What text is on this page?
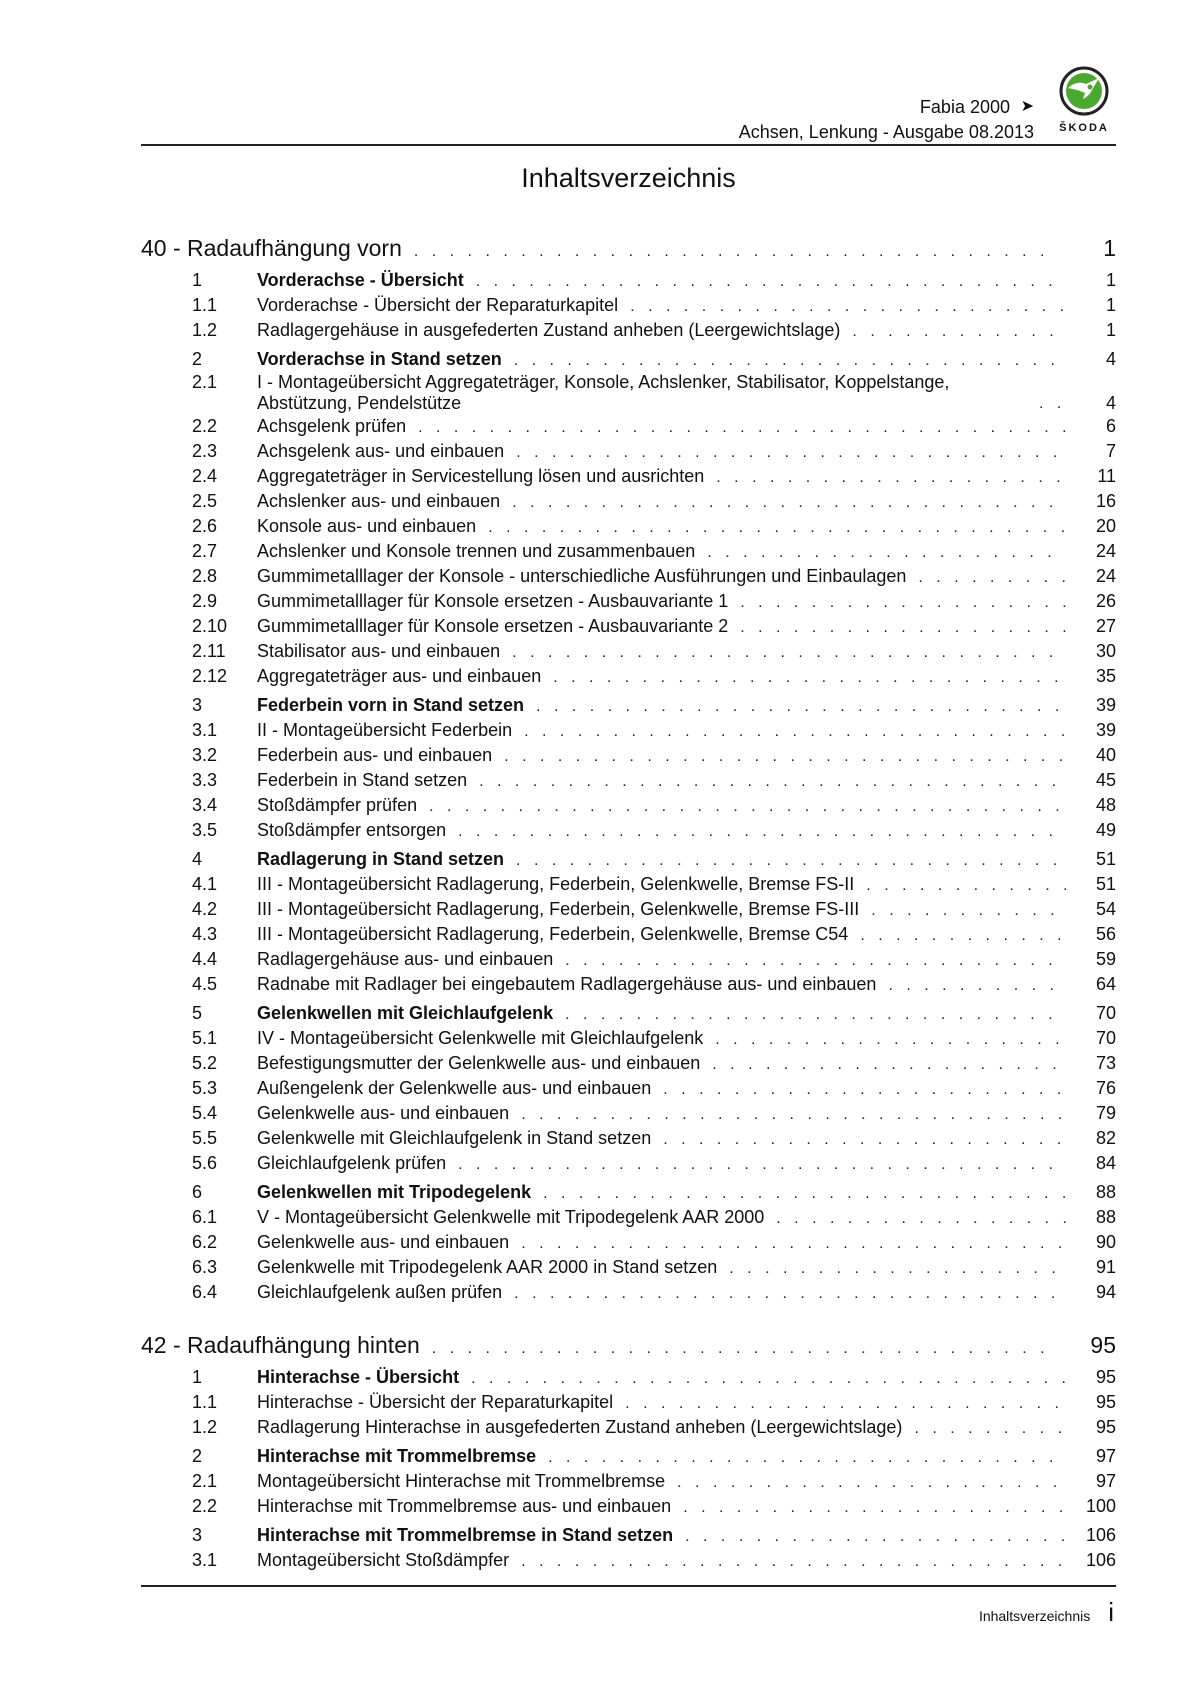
Fabia 2000 ➤
Achsen, Lenkung - Ausgabe 08.2013	ŠKODA
Inhaltsverzeichnis
40 - Radaufhängung vorn . . .	1
1	Vorderachse - Übersicht . . .	1
1.1	Vorderachse - Übersicht der Reparaturkapitel . . .	1
1.2	Radlagergehäuse in ausgefederten Zustand anheben (Leergewichtslage) . . .	1
2	Vorderachse in Stand setzen . . .	4
2.1	I - Montageübersicht Aggregateträger, Konsole, Achslenker, Stabilisator, Koppelstange, Abstützung, Pendelstütze . . .	4
2.2	Achsgelenk prüfen . . .	6
2.3	Achsgelenk aus- und einbauen . . .	7
2.4	Aggregateträger in Servicestellung lösen und ausrichten . . .	11
2.5	Achslenker aus- und einbauen . . .	16
2.6	Konsole aus- und einbauen . . .	20
2.7	Achslenker und Konsole trennen und zusammenbauen . . .	24
2.8	Gummimetalllager der Konsole - unterschiedliche Ausführungen und Einbaulagen . . .	24
2.9	Gummimetalllager für Konsole ersetzen - Ausbauvariante 1 . . .	26
2.10	Gummimetalllager für Konsole ersetzen - Ausbauvariante 2 . . .	27
2.11	Stabilisator aus- und einbauen . . .	30
2.12	Aggregateträger aus- und einbauen . . .	35
3	Federbein vorn in Stand setzen . . .	39
3.1	II - Montageübersicht Federbein . . .	39
3.2	Federbein aus- und einbauen . . .	40
3.3	Federbein in Stand setzen . . .	45
3.4	Stoßdämpfer prüfen . . .	48
3.5	Stoßdämpfer entsorgen . . .	49
4	Radlagerung in Stand setzen . . .	51
4.1	III - Montageübersicht Radlagerung, Federbein, Gelenkwelle, Bremse FS-II . . .	51
4.2	III - Montageübersicht Radlagerung, Federbein, Gelenkwelle, Bremse FS-III . . .	54
4.3	III - Montageübersicht Radlagerung, Federbein, Gelenkwelle, Bremse C54 . . .	56
4.4	Radlagergehäuse aus- und einbauen . . .	59
4.5	Radnabe mit Radlager bei eingebautem Radlagergehäuse aus- und einbauen . . .	64
5	Gelenkwellen mit Gleichlaufgelenk . . .	70
5.1	IV - Montageübersicht Gelenkwelle mit Gleichlaufgelenk . . .	70
5.2	Befestigungsmutter der Gelenkwelle aus- und einbauen . . .	73
5.3	Außengelenk der Gelenkwelle aus- und einbauen . . .	76
5.4	Gelenkwelle aus- und einbauen . . .	79
5.5	Gelenkwelle mit Gleichlaufgelenk in Stand setzen . . .	82
5.6	Gleichlaufgelenk prüfen . . .	84
6	Gelenkwellen mit Tripodegelenk . . .	88
6.1	V - Montageübersicht Gelenkwelle mit Tripodegelenk AAR 2000 . . .	88
6.2	Gelenkwelle aus- und einbauen . . .	90
6.3	Gelenkwelle mit Tripodegelenk AAR 2000 in Stand setzen . . .	91
6.4	Gleichlaufgelenk außen prüfen . . .	94
42 - Radaufhängung hinten . . .	95
1	Hinterachse - Übersicht . . .	95
1.1	Hinterachse - Übersicht der Reparaturkapitel . . .	95
1.2	Radlagerung Hinterachse in ausgefederten Zustand anheben (Leergewichtslage) . . .	95
2	Hinterachse mit Trommelbremse . . .	97
2.1	Montageübersicht Hinterachse mit Trommelbremse . . .	97
2.2	Hinterachse mit Trommelbremse aus- und einbauen . . .	100
3	Hinterachse mit Trommelbremse in Stand setzen . . .	106
3.1	Montageübersicht Stoßdämpfer . . .	106
Inhaltsverzeichnis i
